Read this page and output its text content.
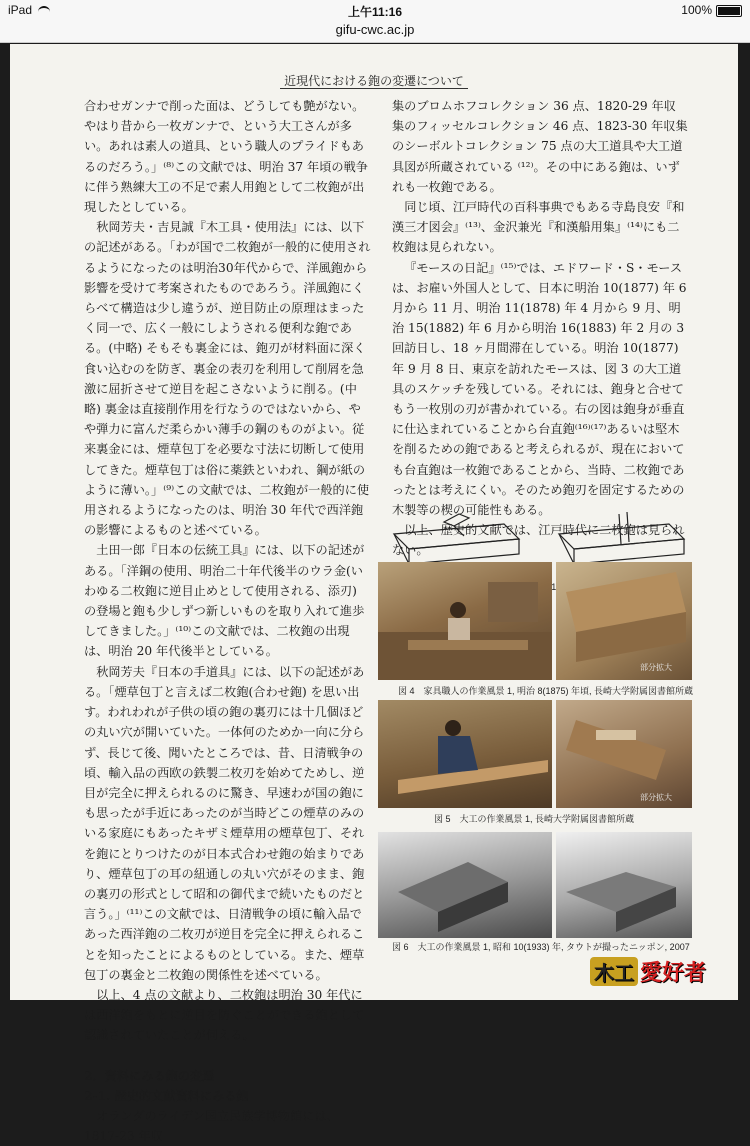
iPad	上午11:16	100%
gifu-cwc.ac.jp
近現代における鉋の変遷について

合わせガンナで削った面は、どうしても艶がない。やはり昔から一枚ガンナで、という大工さんが多い。あれは素人の道具、という職人のプライドもあるのだろう。」⁽⁸⁾この文献では、明治 37 年頃の戦争に伴う熟練大工の不足で素人用鉋として二枚鉋が出現したとしている。

秋岡芳夫・吉見誠『木工具・使用法』には、以下の記述がある。「わが国で二枚鉋が一般的に使用されるようになったのは明治30年代からで、洋風鉋から影響を受けて考案されたものであろう。洋風鉋にくらべて構造は少し違うが、逆目防止の原理はまったく同一で、広く一般にしようされる便利な鉋である。(中略) そもそも裏金には、鉋刃が材料面に深く食い込むのを防ぎ、裏金の表刃を利用して削屑を急激に屈折させて逆目を起こさないように削る。(中略) 裏金は直接削作用を行なうのではないから、やや弾力に富んだ柔らかい薄手の鋼のものがよい。従来裏金には、煙草包丁を必要な寸法に切断して使用してきた。煙草包丁は俗に薬鉄といわれ、鋼が紙のように薄い。」⁽⁹⁾この文献では、二枚鉋が一般的に使用されるようになったのは、明治 30 年代で西洋鉋の影響によるものと述べている。

土田一郎『日本の伝統工具』には、以下の記述がある。「洋鋼の使用、明治二十年代後半のウラ金(いわゆる二枚鉋に逆目止めとして使用される、添刃) の登場と鉋も少しずつ新しいものを取り入れて進歩してきました。」⁽¹⁰⁾この文献では、二枚鉋の出現は、明治 20 年代後半としている。

秋岡芳夫『日本の手道具』には、以下の記述がある。「煙草包丁と言えば二枚鉋(合わせ鉋) を思い出す。われわれが子供の頃の鉋の裏刃には十几個ほどの丸い穴が開いていた。一体何のためか一向に分らず、長じて後、聞いたところでは、昔、日清戦争の頃、輸入品の西欧の鉄製二枚刃を始めてためし、逆目が完全に押えられるのに驚き、早速わが国の鉋にも思ったが手近にあったのが当時どこの煙草のみのいる家庭にもあったキザミ煙草用の煙草包丁、それを鉋にとりつけたのが日本式合わせ鉋の始まりであり、煙草包丁の耳の紐通しの丸い穴がそのまま、鉋の裏刃の形式として昭和の御代まで続いたものだと言う。」⁽¹¹⁾この文献では、日清戦争の頃に輸入品であった西洋鉋の二枚刃が逆目を完全に押えられることを知ったことによるものとしている。また、煙草包丁の裏金と二枚鉋の関係性を述べている。

以上、4 点の文献より、二枚鉋は明治 30 年代には西洋鉋をもとに逆目を防ぐことができる鉋として認識されていたことが伺える。

2．資料にみる鉋の変遷

2-1. 歴史的文献資料にみる鉋

オランダのライデン国立民族学博物館には、1817-23 年収

集のブロムホフコレクション 36 点、1820-29 年収集のフィッセルコレクション 46 点、1823-30 年収集のシーボルトコレクション 75 点の大工道具や大工道具図が所蔵されている ⁽¹²⁾。その中にある鉋は、いずれも一枚鉋である。

同じ頃、江戸時代の百科事典でもある寺島良安『和漢三才図会』⁽¹³⁾、金沢兼光『和漢船用集』⁽¹⁴⁾にも二枚鉋は見られない。

『モースの日記』⁽¹⁵⁾では、エドワード・S・モースは、お雇い外国人として、日本に明治 10(1877) 年 6 月から 11 月、明治 11(1878) 年 4 月から 9 月、明治 15(1882) 年 6 月から明治 16(1883) 年 2 月の 3 回訪日し、18 ヶ月間滞在している。明治 10(1877) 年 9 月 8 日、東京を訪れたモースは、図 3 の大工道具のスケッチを残している。それには、鉋身と合せてもう一枚別の刃が書かれている。右の図は鉋身が垂直に仕込まれていることから台直鉋⁽¹⁶⁾⁽¹⁷⁾あるいは堅木を削るための鉋であると考えられるが、現在においても台直鉋は一枚鉋であることから、当時、二枚鉋であったとは考えにくい。そのため鉋刃を固定するための木製等の楔の可能性もある。

以上、歴史的文献では、江戸時代に二枚鉋は見られない。

部分拡大
図 4　家具職人の作業風景 1, 明治 8(1875) 年頃, 長崎大学附属図書館所蔵
部分拡大
図 5　大工の作業風景 1, 長崎大学附属図書館所蔵
図 6　大工の作業風景 1, 昭和 10(1933) 年, タウトが撮ったニッポン, 2007
木工 愛好者
